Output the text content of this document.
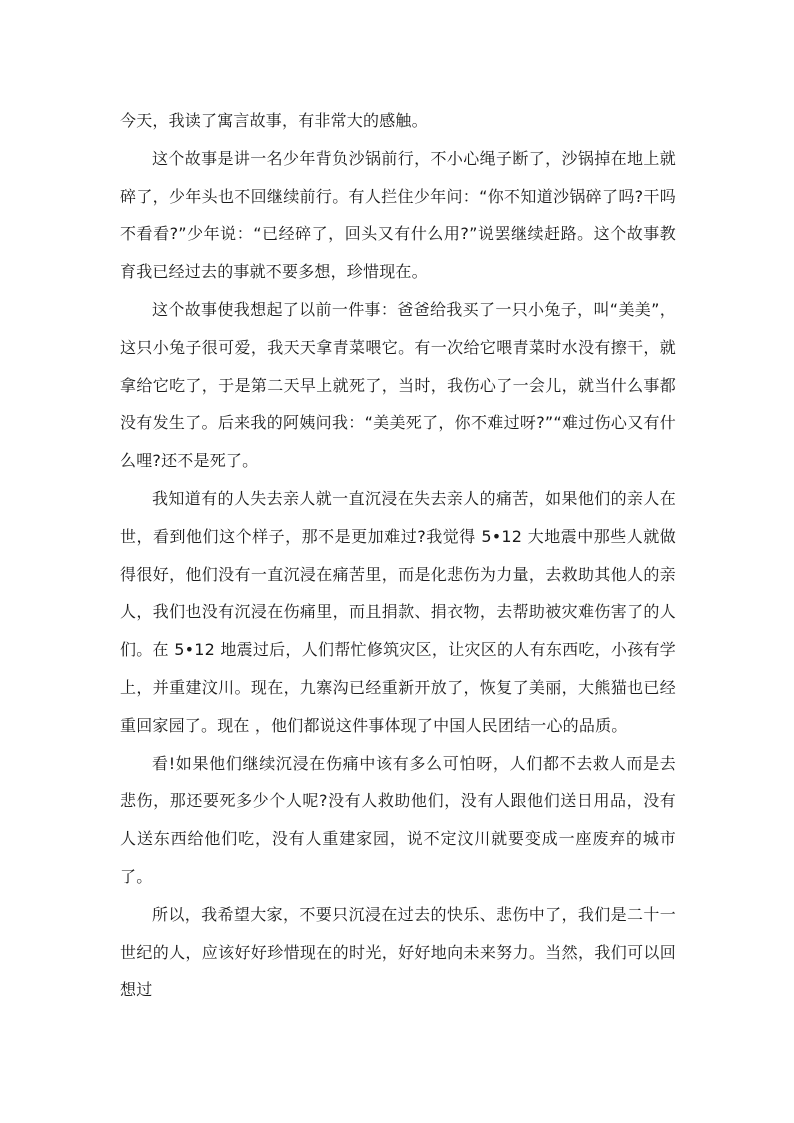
今天，我读了寓言故事，有非常大的感触。

这个故事是讲一名少年背负沙锅前行，不小心绳子断了，沙锅掉在地上就碎了，少年头也不回继续前行。有人拦住少年问：“你不知道沙锅碎了吗?干吗不看看?”少年说：“已经碎了，回头又有什么用?”说罢继续赶路。这个故事教育我已经过去的事就不要多想，珍惜现在。

这个故事使我想起了以前一件事：爸爸给我买了一只小兔子，叫“美美”，这只小兔子很可爱，我天天拿青菜喂它。有一次给它喂青菜时水没有擦干，就拿给它吃了，于是第二天早上就死了，当时，我伤心了一会儿，就当什么事都没有发生了。后来我的阿姨问我：“美美死了，你不难过呀?”“难过伤心又有什么哩?还不是死了。

我知道有的人失去亲人就一直沉浸在失去亲人的痛苦，如果他们的亲人在世，看到他们这个样子，那不是更加难过?我觉得 5•12 大地震中那些人就做得很好，他们没有一直沉浸在痛苦里，而是化悲伤为力量，去救助其他人的亲人，我们也没有沉浸在伤痛里，而且捐款、捐衣物，去帮助被灾难伤害了的人们。在 5•12 地震过后，人们帮忙修筑灾区，让灾区的人有东西吃，小孩有学上，并重建汶川。现在，九寨沟已经重新开放了，恢复了美丽，大熊猫也已经重回家园了。现在 ，他们都说这件事体现了中国人民团结一心的品质。

看!如果他们继续沉浸在伤痛中该有多么可怕呀，人们都不去救人而是去悲伤，那还要死多少个人呢?没有人救助他们，没有人跟他们送日用品，没有人送东西给他们吃，没有人重建家园，说不定汶川就要变成一座废弃的城市了。

所以，我希望大家，不要只沉浸在过去的快乐、悲伤中了，我们是二十一世纪的人，应该好好珍惜现在的时光，好好地向未来努力。当然，我们可以回想过
